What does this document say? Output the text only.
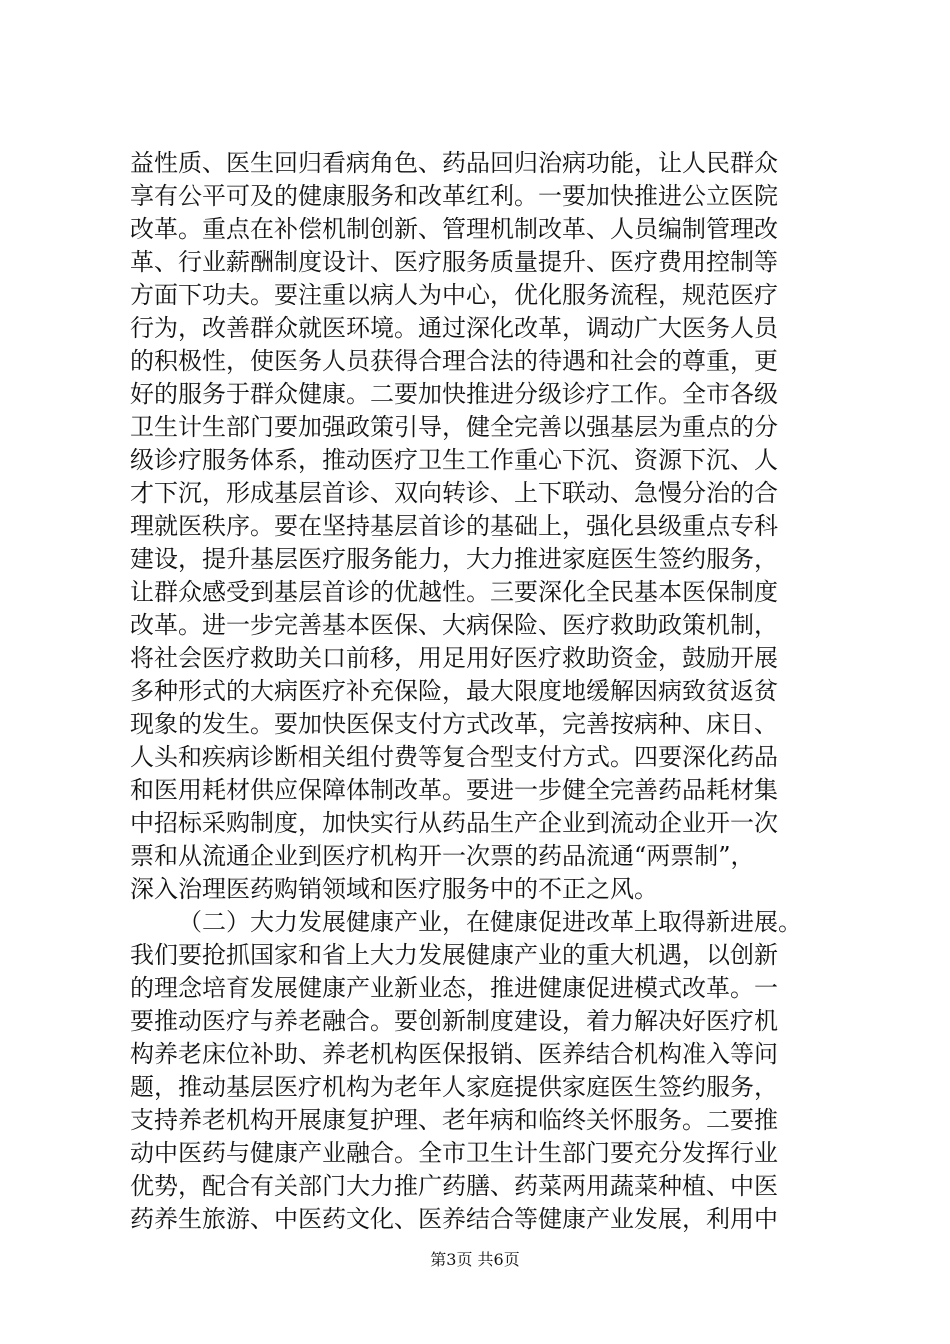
益性质、医生回归看病角色、药品回归治病功能，让人民群众
享有公平可及的健康服务和改革红利。一要加快推进公立医院
改革。重点在补偿机制创新、管理机制改革、人员编制管理改
革、行业薪酬制度设计、医疗服务质量提升、医疗费用控制等
方面下功夫。要注重以病人为中心，优化服务流程，规范医疗
行为，改善群众就医环境。通过深化改革，调动广大医务人员
的积极性，使医务人员获得合理合法的待遇和社会的尊重，更
好的服务于群众健康。二要加快推进分级诊疗工作。全市各级
卫生计生部门要加强政策引导，健全完善以强基层为重点的分
级诊疗服务体系，推动医疗卫生工作重心下沉、资源下沉、人
才下沉，形成基层首诊、双向转诊、上下联动、急慢分治的合
理就医秩序。要在坚持基层首诊的基础上，强化县级重点专科
建设，提升基层医疗服务能力，大力推进家庭医生签约服务，
让群众感受到基层首诊的优越性。三要深化全民基本医保制度
改革。进一步完善基本医保、大病保险、医疗救助政策机制，
将社会医疗救助关口前移，用足用好医疗救助资金，鼓励开展
多种形式的大病医疗补充保险，最大限度地缓解因病致贫返贫
现象的发生。要加快医保支付方式改革，完善按病种、床日、
人头和疾病诊断相关组付费等复合型支付方式。四要深化药品
和医用耗材供应保障体制改革。要进一步健全完善药品耗材集
中招标采购制度，加快实行从药品生产企业到流动企业开一次
票和从流通企业到医疗机构开一次票的药品流通“两票制”，
深入治理医药购销领域和医疗服务中的不正之风。
（二）大力发展健康产业，在健康促进改革上取得新进展。
我们要抢抓国家和省上大力发展健康产业的重大机遇，以创新
的理念培育发展健康产业新业态，推进健康促进模式改革。一
要推动医疗与养老融合。要创新制度建设，着力解决好医疗机
构养老床位补助、养老机构医保报销、医养结合机构准入等问
题，推动基层医疗机构为老年人家庭提供家庭医生签约服务，
支持养老机构开展康复护理、老年病和临终关怀服务。二要推
动中医药与健康产业融合。全市卫生计生部门要充分发挥行业
优势，配合有关部门大力推广药膳、药菜两用蔬菜种植、中医
药养生旅游、中医药文化、医养结合等健康产业发展，利用中
第3页 共6页
